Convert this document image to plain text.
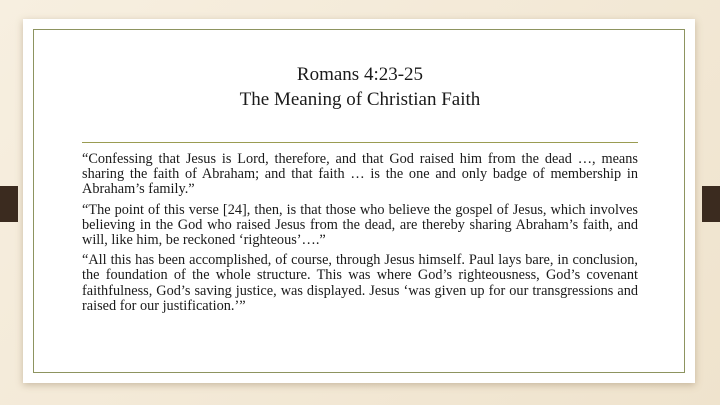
Romans 4:23-25
The Meaning of Christian Faith

“Confessing that Jesus is Lord, therefore, and that God raised him from the dead …, means sharing the faith of Abraham; and that faith … is the one and only badge of membership in Abraham’s family.”

“The point of this verse [24], then, is that those who believe the gospel of Jesus, which involves believing in the God who raised Jesus from the dead, are thereby sharing Abraham’s faith, and will, like him, be reckoned ‘righteous’….”

“All this has been accomplished, of course, through Jesus himself. Paul lays bare, in conclusion, the foundation of the whole structure. This was where God’s righteousness, God’s covenant faithfulness, God’s saving justice, was displayed. Jesus ‘was given up for our transgressions and raised for our justification.’”
